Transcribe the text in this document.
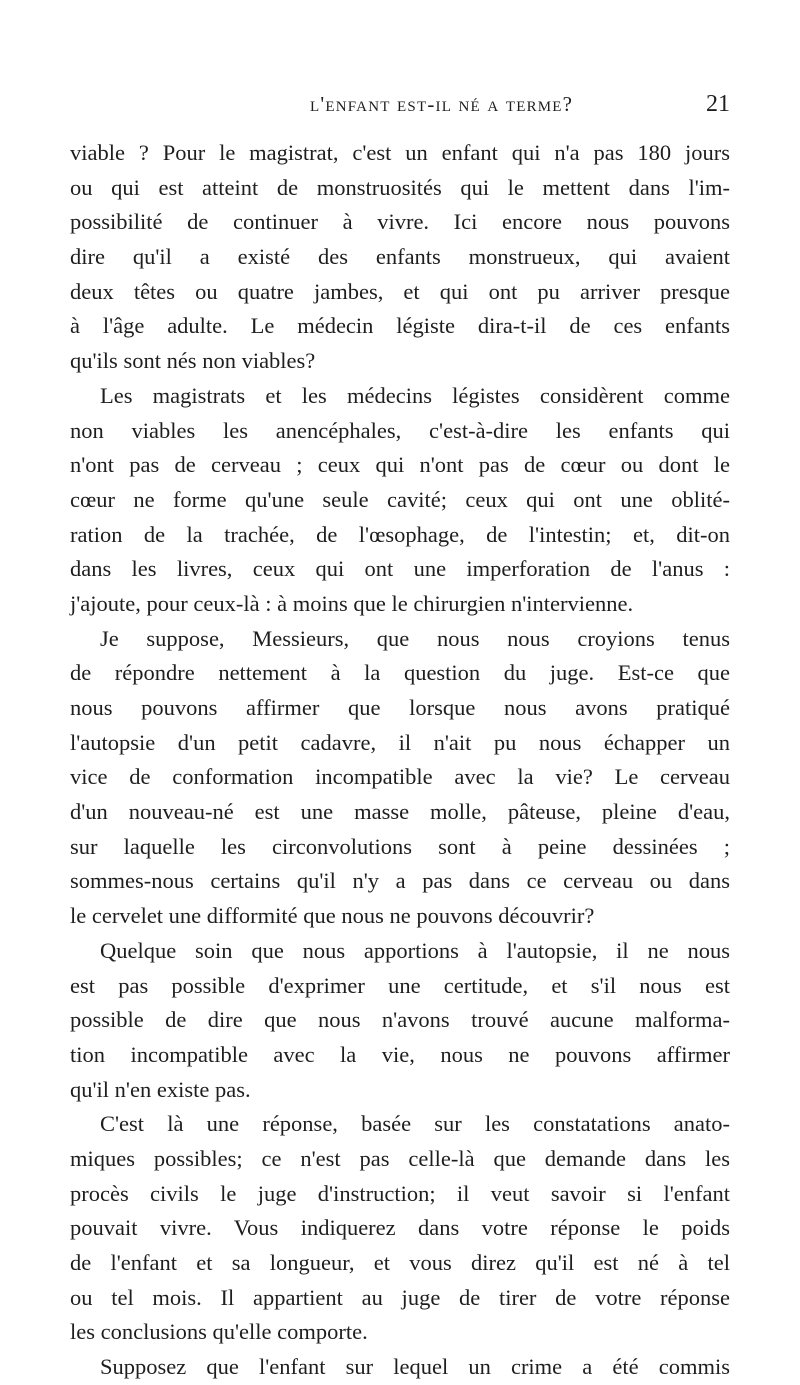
l'enfant est-il né a terme?	21
viable ? Pour le magistrat, c'est un enfant qui n'a pas 180 jours
ou qui est atteint de monstruosités qui le mettent dans l'im-
possibilité de continuer à vivre. Ici encore nous pouvons
dire qu'il a existé des enfants monstrueux, qui avaient
deux têtes ou quatre jambes, et qui ont pu arriver presque
à l'âge adulte. Le médecin légiste dira-t-il de ces enfants
qu'ils sont nés non viables?
Les magistrats et les médecins légistes considèrent comme
non viables les anencéphales, c'est-à-dire les enfants qui
n'ont pas de cerveau ; ceux qui n'ont pas de cœur ou dont le
cœur ne forme qu'une seule cavité; ceux qui ont une oblité-
ration de la trachée, de l'œsophage, de l'intestin; et, dit-on
dans les livres, ceux qui ont une imperforation de l'anus :
j'ajoute, pour ceux-là : à moins que le chirurgien n'intervienne.
Je suppose, Messieurs, que nous nous croyions tenus
de répondre nettement à la question du juge. Est-ce que
nous pouvons affirmer que lorsque nous avons pratiqué
l'autopsie d'un petit cadavre, il n'ait pu nous échapper un
vice de conformation incompatible avec la vie? Le cerveau
d'un nouveau-né est une masse molle, pâteuse, pleine d'eau,
sur laquelle les circonvolutions sont à peine dessinées ;
sommes-nous certains qu'il n'y a pas dans ce cerveau ou dans
le cervelet une difformité que nous ne pouvons découvrir?
Quelque soin que nous apportions à l'autopsie, il ne nous
est pas possible d'exprimer une certitude, et s'il nous est
possible de dire que nous n'avons trouvé aucune malforma-
tion incompatible avec la vie, nous ne pouvons affirmer
qu'il n'en existe pas.
C'est là une réponse, basée sur les constatations anato-
miques possibles; ce n'est pas celle-là que demande dans les
procès civils le juge d'instruction; il veut savoir si l'enfant
pouvait vivre. Vous indiquerez dans votre réponse le poids
de l'enfant et sa longueur, et vous direz qu'il est né à tel
ou tel mois. Il appartient au juge de tirer de votre réponse
les conclusions qu'elle comporte.
Supposez que l'enfant sur lequel un crime a été commis
